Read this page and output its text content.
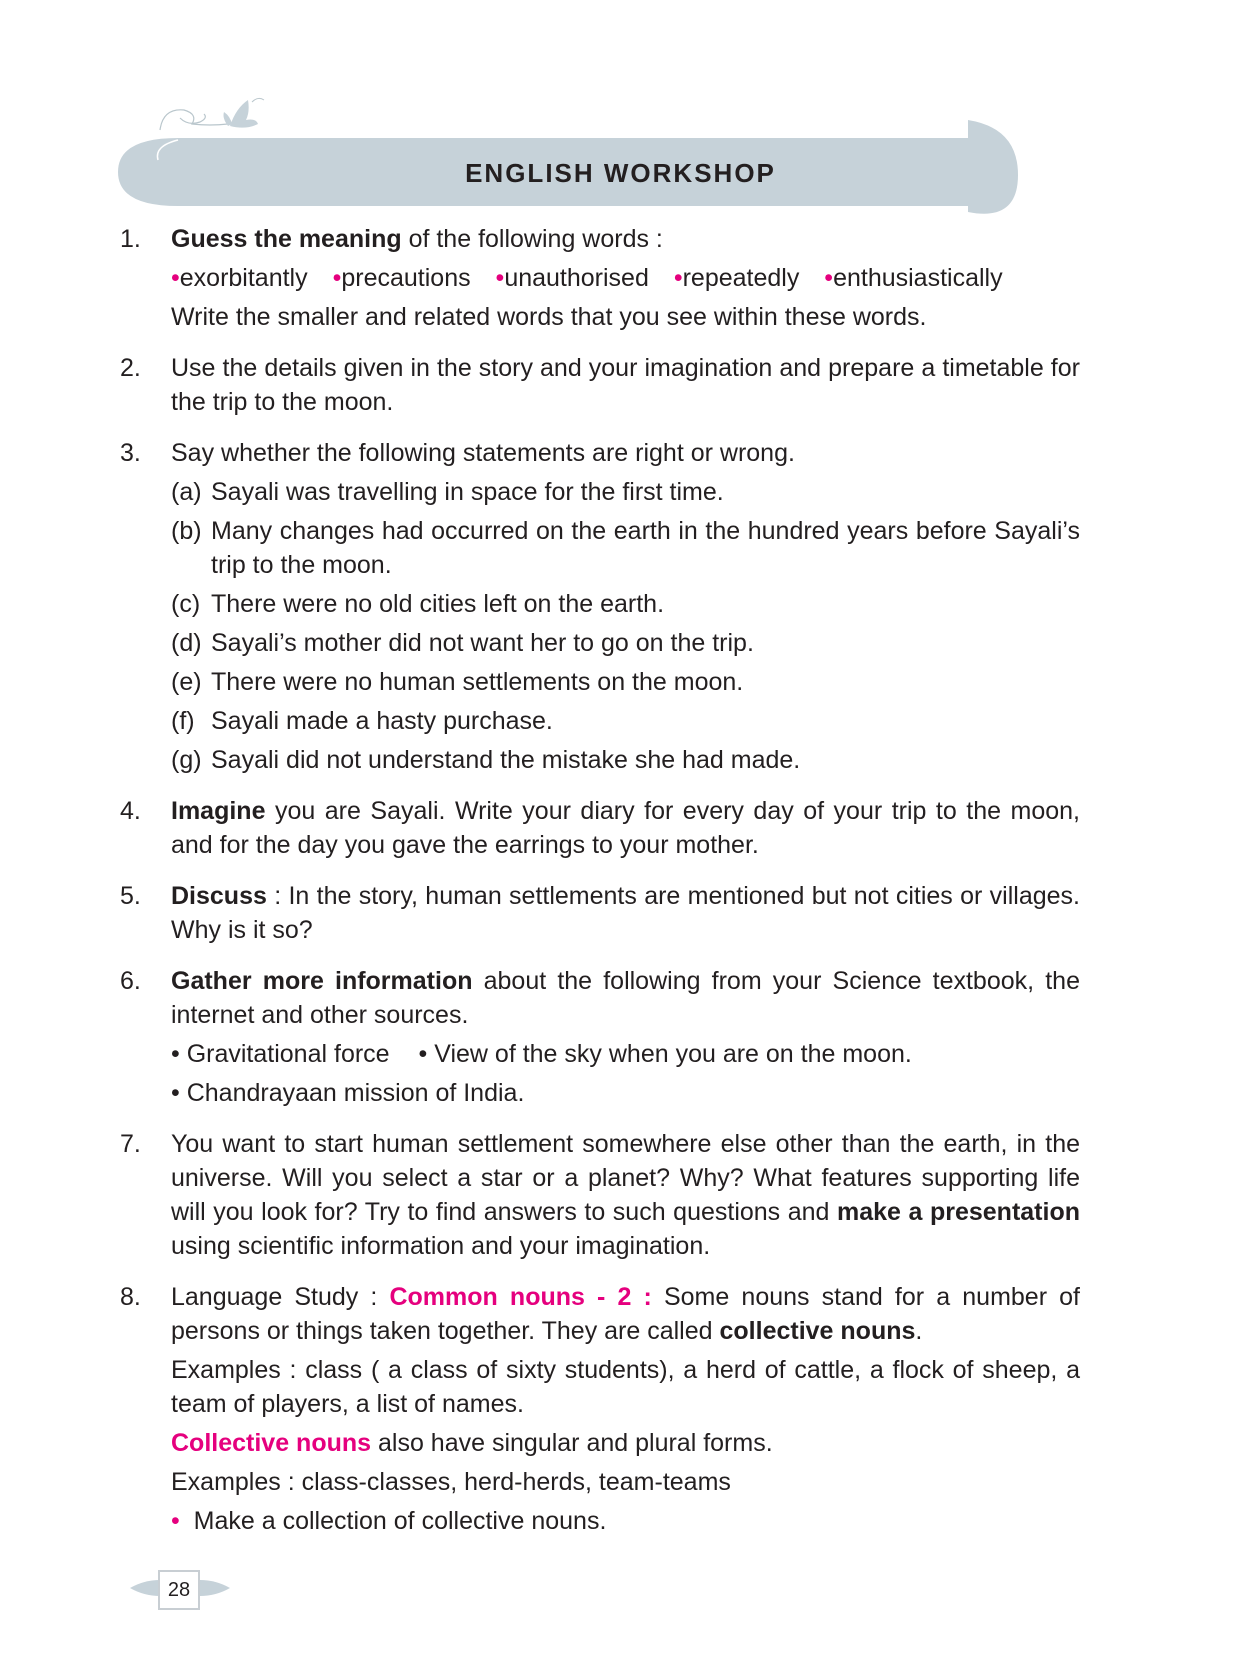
ENGLISH WORKSHOP
1. Guess the meaning of the following words :

•exorbitantly •precautions •unauthorised •repeatedly •enthusiastically

Write the smaller and related words that you see within these words.

2. Use the details given in the story and your imagination and prepare a timetable for the trip to the moon.

3. Say whether the following statements are right or wrong.

(a) Sayali was travelling in space for the first time.

(b) Many changes had occurred on the earth in the hundred years before Sayali’s trip to the moon.

(c) There were no old cities left on the earth.

(d) Sayali’s mother did not want her to go on the trip.

(e) There were no human settlements on the moon.

(f) Sayali made a hasty purchase.

(g) Sayali did not understand the mistake she had made.

4. Imagine you are Sayali. Write your diary for every day of your trip to the moon, and for the day you gave the earrings to your mother.

5. Discuss : In the story, human settlements are mentioned but not cities or villages. Why is it so?

6. Gather more information about the following from your Science textbook, the internet and other sources.

• Gravitational force • View of the sky when you are on the moon.

• Chandrayaan mission of India.

7. You want to start human settlement somewhere else other than the earth, in the universe. Will you select a star or a planet? Why? What features supporting life will you look for? Try to find answers to such questions and make a presentation using scientific information and your imagination.

8. Language Study : Common nouns - 2 : Some nouns stand for a number of persons or things taken together. They are called collective nouns.

Examples : class ( a class of sixty students), a herd of cattle, a flock of sheep, a team of players, a list of names.

Collective nouns also have singular and plural forms.

Examples : class-classes, herd-herds, team-teams

• Make a collection of collective nouns.

28
